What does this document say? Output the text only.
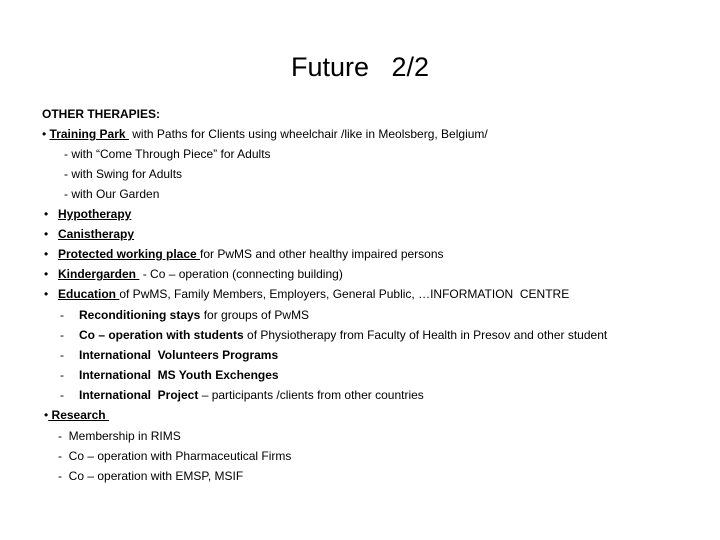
Future   2/2
OTHER THERAPIES:
• Training Park  with Paths for Clients using wheelchair /like in Meolsberg, Belgium/
- with “Come Through Piece” for Adults
- with Swing for Adults
- with Our Garden
• Hypotherapy
• Canistherapy
• Protected working place for PwMS and other healthy impaired persons
• Kindergarden  - Co – operation (connecting building)
• Education of PwMS, Family Members, Employers, General Public, …INFORMATION  CENTRE
- Reconditioning stays for groups of PwMS
- Co – operation with students of Physiotherapy from Faculty of Health in Presov and other student
- International  Volunteers Programs
- International  MS Youth Exchenges
- International  Project – participants /clients from other countries
• Research
-  Membership in RIMS
-  Co – operation with Pharmaceutical Firms
-  Co – operation with EMSP, MSIF
